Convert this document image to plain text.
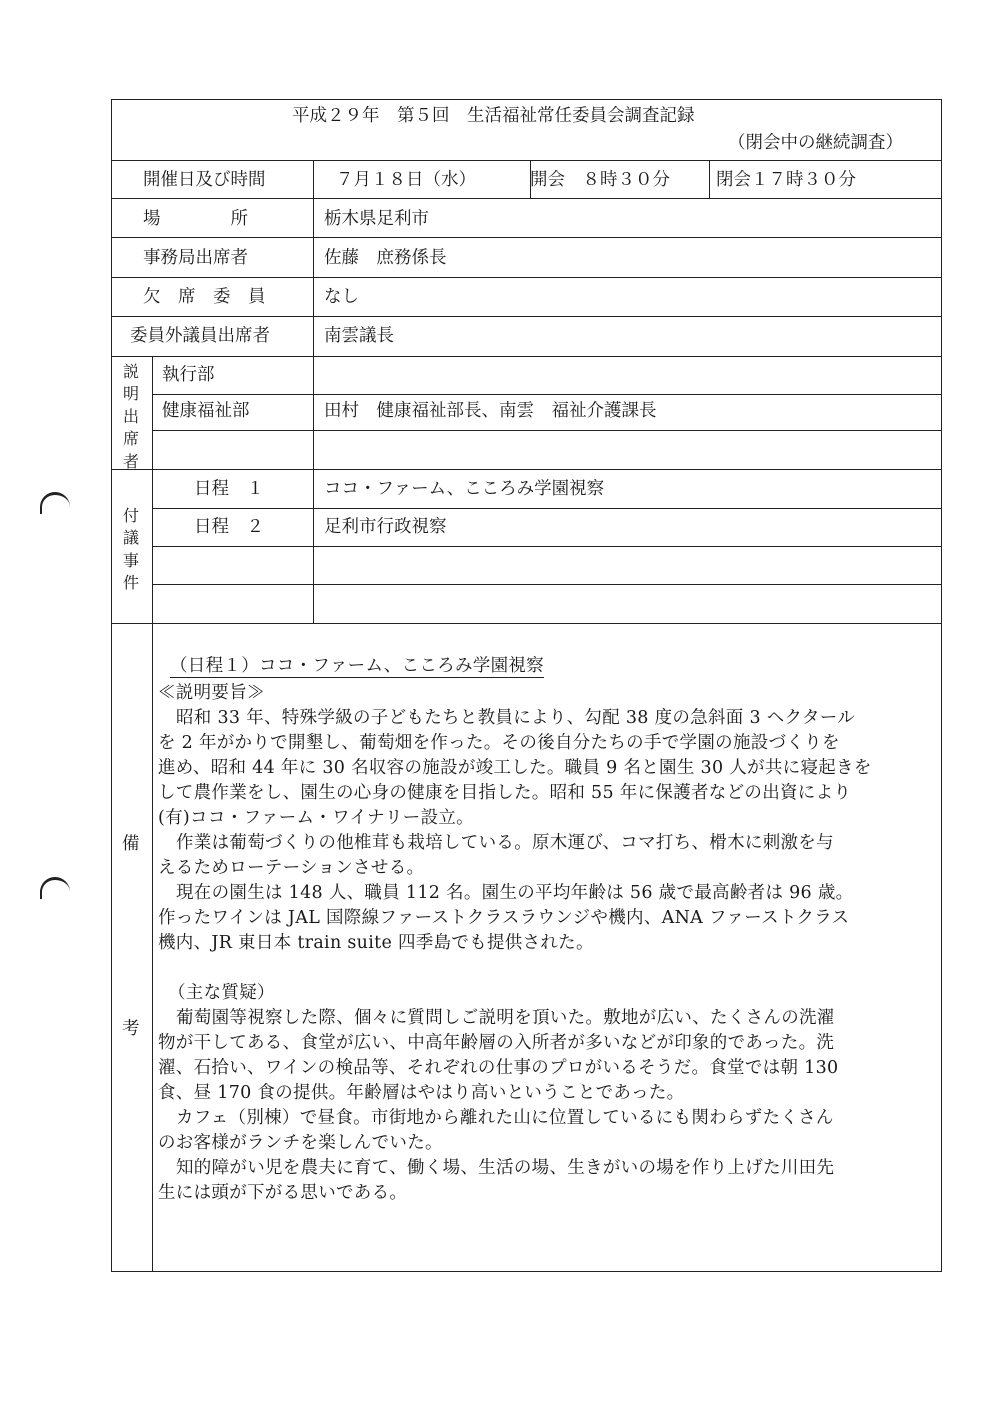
平成２９年　第５回　生活福祉常任委員会調査記録
（閉会中の継続調査）
開催日及び時間	７月１８日（水）	開会　８時３０分	閉会１７時３０分
場　　　　所	栃木県足利市
事務局出席者	佐藤　庶務係長
欠　席　委　員	なし
委員外議員出席者	南雲議長
説
明
出
席
者
執行部
健康福祉部	田村　健康福祉部長、南雲　福祉介護課長
付
議
事
件
日程　１	ココ・ファーム、こころみ学園視察
日程　２	足利市行政視察
備
考
（日程１）ココ・ファーム、こころみ学園視察
≪説明要旨≫
昭和 33 年、特殊学級の子どもたちと教員により、勾配 38 度の急斜面 3 ヘクタール
を 2 年がかりで開墾し、葡萄畑を作った。その後自分たちの手で学園の施設づくりを
進め、昭和 44 年に 30 名収容の施設が竣工した。職員 9 名と園生 30 人が共に寝起きを
して農作業をし、園生の心身の健康を目指した。昭和 55 年に保護者などの出資により
(有)ココ・ファーム・ワイナリー設立。
作業は葡萄づくりの他椎茸も栽培している。原木運び、コマ打ち、榾木に刺激を与
えるためローテーションさせる。
現在の園生は 148 人、職員 112 名。園生の平均年齢は 56 歳で最高齢者は 96 歳。
作ったワインは JAL 国際線ファーストクラスラウンジや機内、ANA ファーストクラス
機内、JR 東日本 train suite 四季島でも提供された。
（主な質疑）
葡萄園等視察した際、個々に質問しご説明を頂いた。敷地が広い、たくさんの洗濯
物が干してある、食堂が広い、中高年齢層の入所者が多いなどが印象的であった。洗
濯、石拾い、ワインの検品等、それぞれの仕事のプロがいるそうだ。食堂では朝 130
食、昼 170 食の提供。年齢層はやはり高いということであった。
カフェ（別棟）で昼食。市街地から離れた山に位置しているにも関わらずたくさん
のお客様がランチを楽しんでいた。
知的障がい児を農夫に育て、働く場、生活の場、生きがいの場を作り上げた川田先
生には頭が下がる思いである。
